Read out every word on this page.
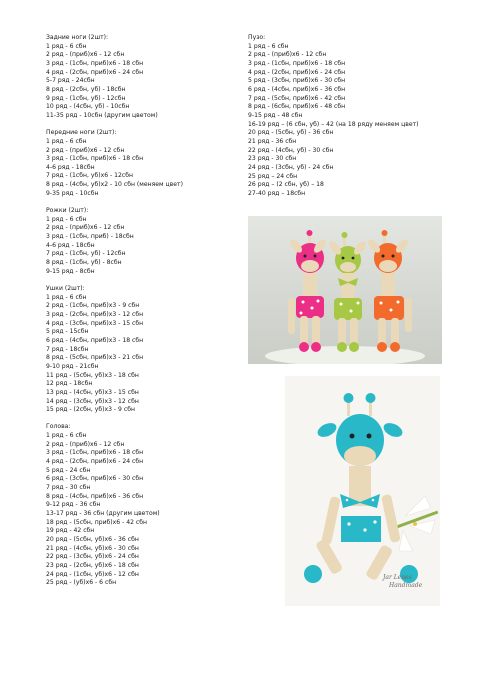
Задние ноги (2шт):
1 ряд - 6 сбн
2 ряд - (приб)х6 - 12 сбн
3 ряд - (1сбн, приб)х6 - 18 сбн
4 ряд - (2сбн, приб)х6 - 24 сбн
5-7 ряд - 24сбн
8 ряд - (2сбн, уб) - 18сбн
9 ряд - (1сбн, уб) - 12сбн
10 ряд - (4сбн, уб) - 10сбн
11-35 ряд - 10сбн (другим цветом)
Передние ноги (2шт):
1 ряд - 6 сбн
2 ряд - (приб)х6 - 12 сбн
3 ряд - (1сбн, приб)х6 - 18 сбн
4-6 ряд - 18сбн
7 ряд - (1сбн, уб)х6 - 12сбн
8 ряд - (4сбн, уб)х2 - 10 сбн (меняем цвет)
9-35 ряд - 10сбн
Рожки (2шт):
1 ряд - 6 сбн
2 ряд - (приб)х6 - 12 сбн
3 ряд - (1сбн, приб) - 18сбн
4-6 ряд - 18сбн
7 ряд - (1сбн, уб) - 12сбн
8 ряд - (1сбн, уб) - 8сбн
9-15 ряд - 8сбн
Ушки (2шт):
1 ряд - 6 сбн
2 ряд - (1сбн, приб)х3 - 9 сбн
3 ряд - (2сбн, приб)х3 - 12 сбн
4 ряд - (3сбн, приб)х3 - 15 сбн
5 ряд - 15сбн
6 ряд - (4сбн, приб)х3 - 18 сбн
7 ряд - 18сбн
8 ряд - (5сбн, приб)х3 - 21 сбн
9-10 ряд - 21сбн
11 ряд - (5сбн, уб)х3 - 18 сбн
12 ряд - 18сбн
13 ряд - (4сбн, уб)х3 - 15 сбн
14 ряд - (3сбн, уб)х3 - 12 сбн
15 ряд - (2сбн, уб)х3 - 9 сбн
Голова:
1 ряд - 6 сбн
2 ряд - (приб)х6 - 12 сбн
3 ряд - (1сбн, приб)х6 - 18 сбн
4 ряд - (2сбн, приб)х6 - 24 сбн
5 ряд - 24 сбн
6 ряд - (3сбн, приб)х6 - 30 сбн
7 ряд - 30 сбн
8 ряд - (4сбн, приб)х6 - 36 сбн
9-12 ряд - 36 сбн
13-17 ряд - 36 сбн (другим цветом)
18 ряд - (5сбн, приб)х6 - 42 сбн
19 ряд - 42 сбн
20 ряд - (5сбн, уб)х6 - 36 сбн
21 ряд - (4сбн, уб)х6 - 30 сбн
22 ряд - (3сбн, уб)х6 - 24 сбн
23 ряд - (2сбн, уб)х6 - 18 сбн
24 ряд - (1сбн, уб)х6 - 12 сбн
25 ряд - (уб)х6 - 6 сбн
Пузо:
1 ряд - 6 сбн
2 ряд - (приб)х6 - 12 сбн
3 ряд - (1сбн, приб)х6 - 18 сбн
4 ряд - (2сбн, приб)х6 - 24 сбн
5 ряд - (3сбн, приб)х6 - 30 сбн
6 ряд - (4сбн, приб)х6 - 36 сбн
7 ряд - (5сбн, приб)х6 - 42 сбн
8 ряд - (6сбн, приб)х6 - 48 сбн
9-15 ряд - 48 сбн
16-19 ряд – (6 сбн, уб) – 42 (на 18 ряду меняем цвет)
20 ряд - (5сбн, уб) - 36 сбн
21 ряд - 36 сбн
22 ряд - (4сбн, уб) - 30 сбн
23 ряд - 30 сбн
24 ряд - (3сбн, уб) - 24 сбн
25 ряд – 24 сбн
26 ряд – (2 сбн, уб) – 18
27-40 ряд – 18сбн
Jar Lenes
Handmade
